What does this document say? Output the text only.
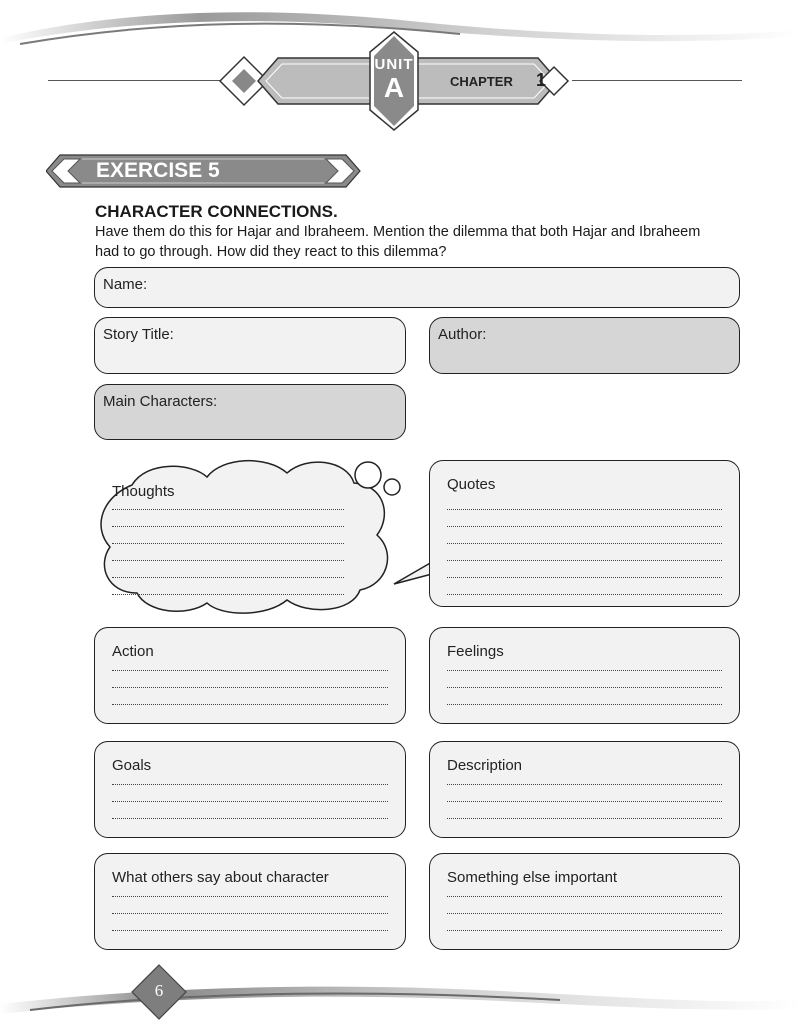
UNIT
A	CHAPTER 1
EXERCISE 5
CHARACTER CONNECTIONS.
Have them do this for Hajar and Ibraheem. Mention the dilemma that both Hajar and Ibraheem had to go through. How did they react to this dilemma?
Name:
Story Title:	Author:
Main Characters:
Thoughts	Quotes
Action	Feelings
Goals	Description
What others say about character	Something else important
6
